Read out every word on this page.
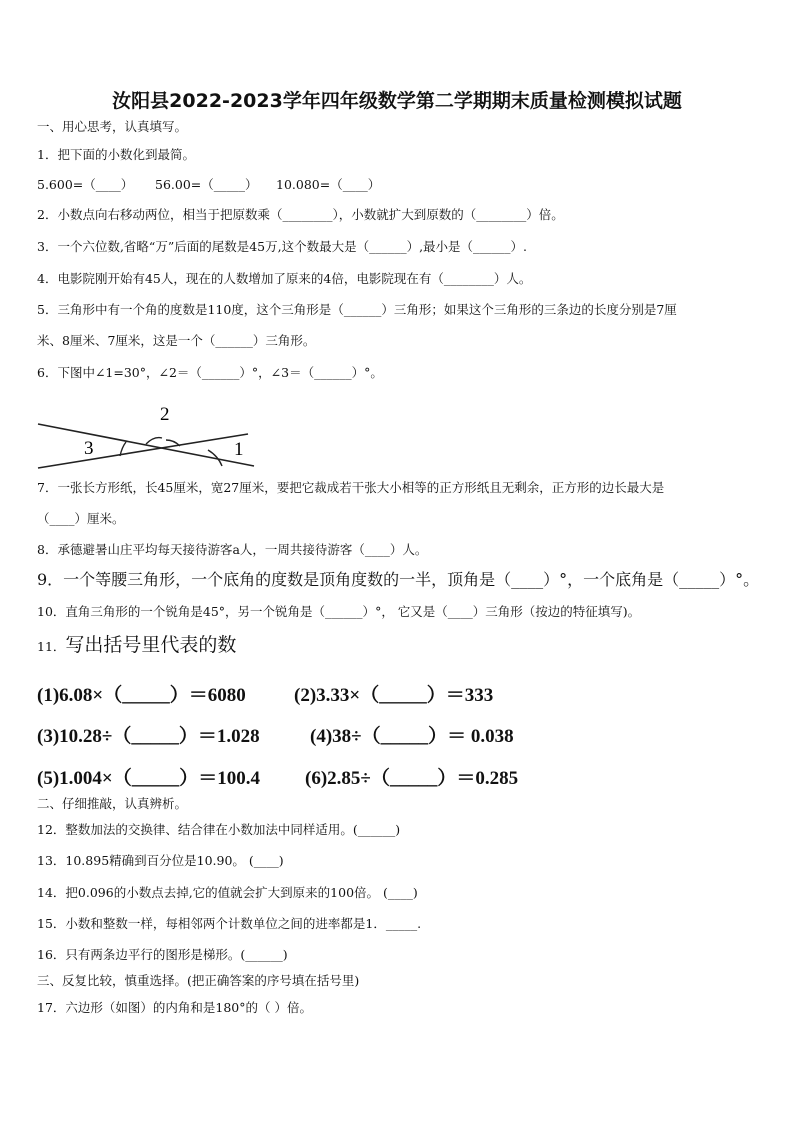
汝阳县2022-2023学年四年级数学第二学期期末质量检测模拟试题
一、用心思考，认真填写。
1．把下面的小数化到最简。
5.600=（____） 56.00=（_____） 10.080=（____）
2．小数点向右移动两位，相当于把原数乘（________），小数就扩大到原数的（________）倍。
3．一个六位数,省略“万”后面的尾数是45万,这个数最大是（______）,最小是（______）.
4．电影院刚开始有45人，现在的人数增加了原来的4倍，电影院现在有（________）人。
5．三角形中有一个角的度数是110度，这个三角形是（______）三角形；如果这个三角形的三条边的长度分别是7厘
米、8厘米、7厘米，这是一个（______）三角形。
6．下图中∠1=30°，∠2＝（______）°，∠3＝（______）°。
2
3	1
7．一张长方形纸，长45厘米，宽27厘米，要把它裁成若干张大小相等的正方形纸且无剩余，正方形的边长最大是
（____）厘米。
8．承德避暑山庄平均每天接待游客a人，一周共接待游客（____）人。
9．一个等腰三角形，一个底角的度数是顶角度数的一半，顶角是（____）°，一个底角是（_____）°。
10．直角三角形的一个锐角是45°，另一个锐角是（______）°， 它又是（____）三角形（按边的特征填写)。
11．写出括号里代表的数
(1)6.08×（_____）＝6080	(2)3.33×（_____）＝333
(3)10.28÷（_____）＝1.028	(4)38÷（_____）＝ 0.038
(5)1.004×（_____）＝100.4 (6)2.85÷（_____）＝0.285
二、仔细推敲，认真辨析。
12．整数加法的交换律、结合律在小数加法中同样适用。(______)
13．10.895精确到百分位是10.90。 (____)
14．把0.096的小数点去掉,它的值就会扩大到原来的100倍。 (____)
15．小数和整数一样，每相邻两个计数单位之间的进率都是1．_____.
16．只有两条边平行的图形是梯形。(______)
三、反复比较，慎重选择。(把正确答案的序号填在括号里)
17．六边形（如图）的内角和是180°的（ ）倍。
